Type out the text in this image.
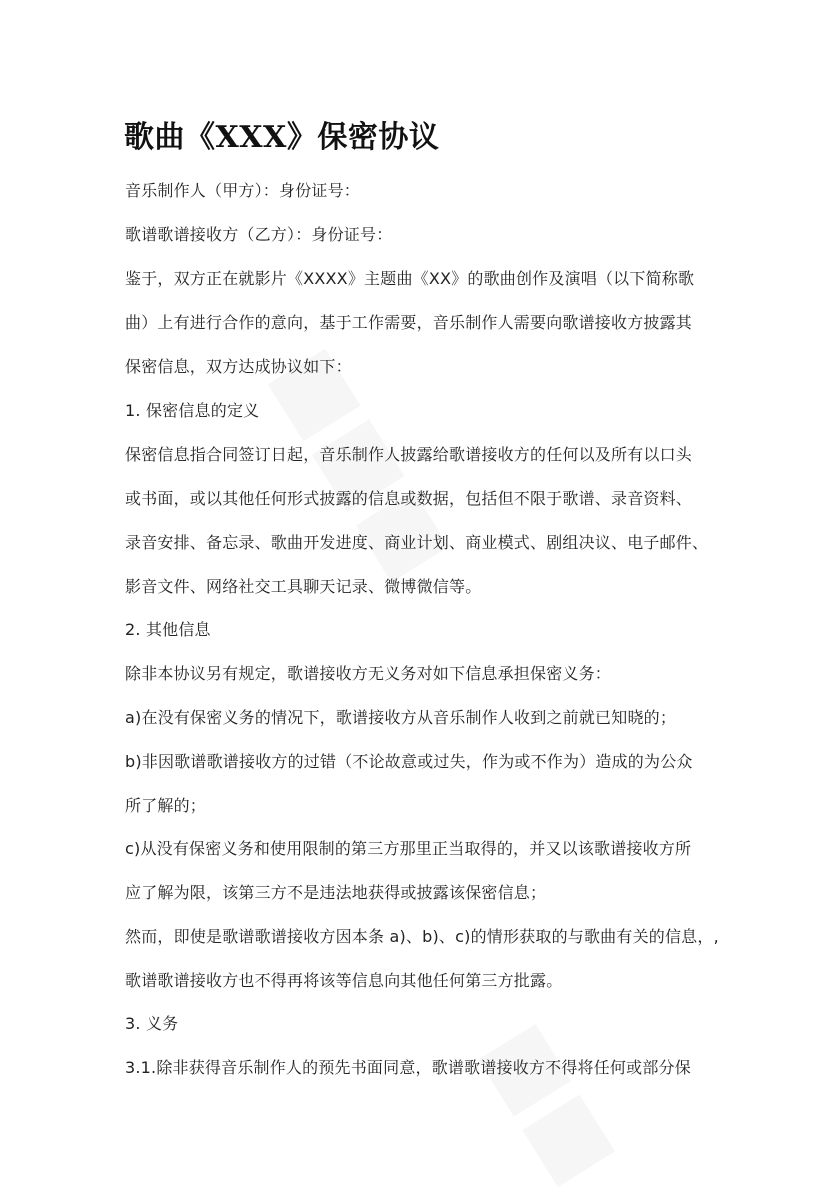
歌曲《XXX》保密协议
音乐制作人（甲方）：身份证号：
歌谱歌谱接收方（乙方）：身份证号：
鉴于，双方正在就影片《XXXX》主题曲《XX》的歌曲创作及演唱（以下简称歌
曲）上有进行合作的意向，基于工作需要，音乐制作人需要向歌谱接收方披露其
保密信息，双方达成协议如下：
1. 保密信息的定义
保密信息指合同签订日起，音乐制作人披露给歌谱接收方的任何以及所有以口头
或书面，或以其他任何形式披露的信息或数据，包括但不限于歌谱、录音资料、
录音安排、备忘录、歌曲开发进度、商业计划、商业模式、剧组决议、电子邮件、
影音文件、网络社交工具聊天记录、微博微信等。
2. 其他信息
除非本协议另有规定，歌谱接收方无义务对如下信息承担保密义务：
a)在没有保密义务的情况下，歌谱接收方从音乐制作人收到之前就已知晓的；
b)非因歌谱歌谱接收方的过错（不论故意或过失，作为或不作为）造成的为公众
所了解的；
c)从没有保密义务和使用限制的第三方那里正当取得的，并又以该歌谱接收方所
应了解为限，该第三方不是违法地获得或披露该保密信息；
然而，即使是歌谱歌谱接收方因本条 a)、b)、c)的情形获取的与歌曲有关的信息，,
歌谱歌谱接收方也不得再将该等信息向其他任何第三方批露。
3. 义务
3.1.除非获得音乐制作人的预先书面同意，歌谱歌谱接收方不得将任何或部分保
